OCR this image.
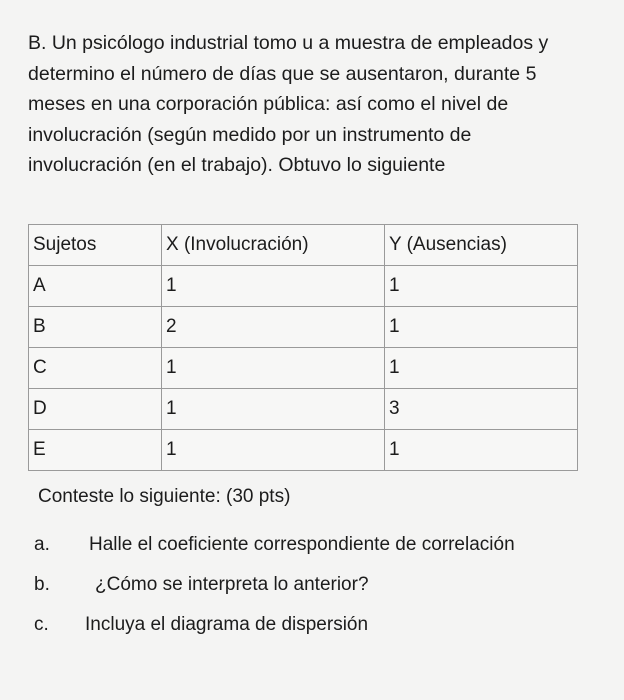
B. Un psicólogo industrial tomo u a muestra de empleados y
determino el número de días que se ausentaron, durante 5
meses en una corporación pública: así como el nivel de
involucración (según medido por un instrumento de
involucración (en el trabajo). Obtuvo lo siguiente

Sujetos	X (Involucración)	Y (Ausencias)
A	1	1
B	2	1
C	1	1
D	1	3
E	1	1

Conteste lo siguiente: (30 pts)

a. Halle el coeficiente correspondiente de correlación
b. ¿Cómo se interpreta lo anterior?
c. Incluya el diagrama de dispersión
